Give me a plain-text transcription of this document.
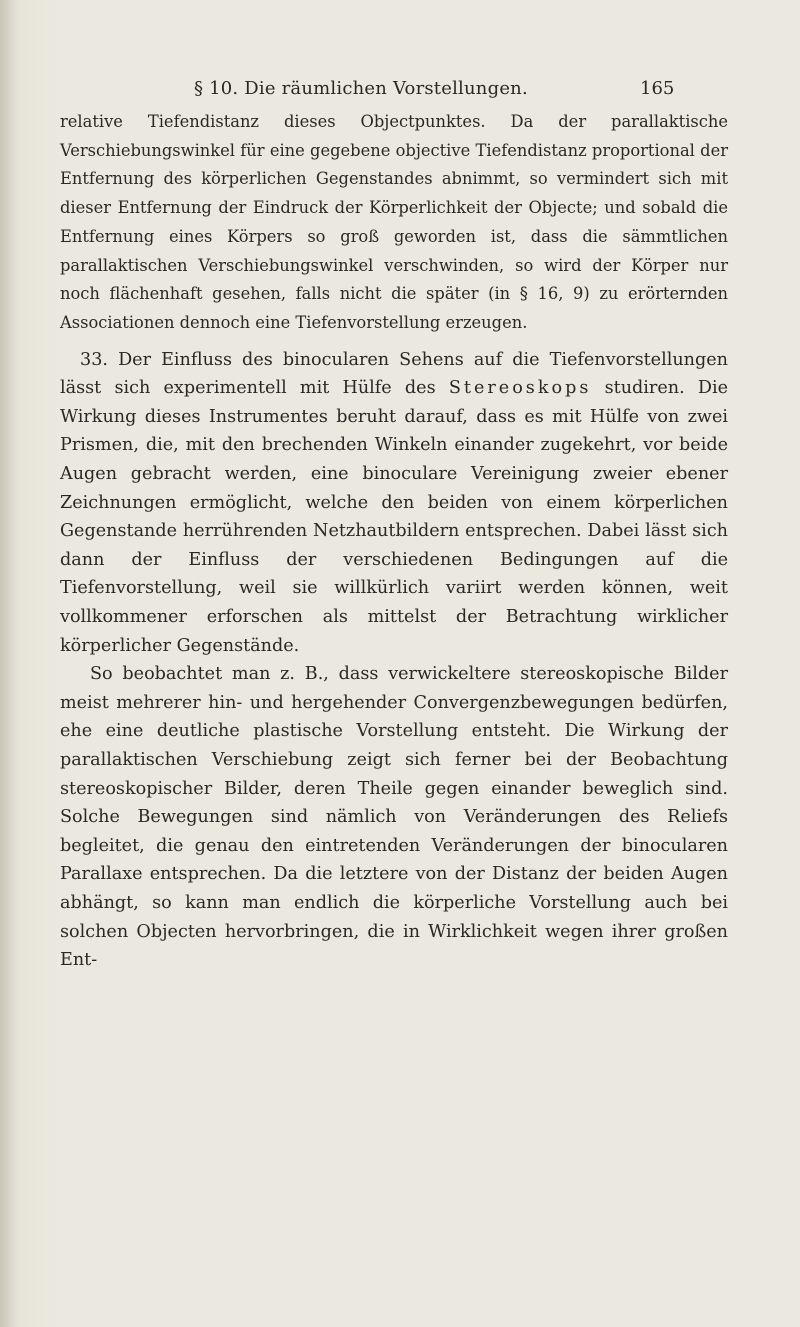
§ 10. Die räumlichen Vorstellungen.	165

relative Tiefendistanz dieses Objectpunktes. Da der parallaktische Verschiebungswinkel für eine gegebene objective Tiefendistanz proportional der Entfernung des körperlichen Gegenstandes abnimmt, so vermindert sich mit dieser Entfernung der Eindruck der Körperlichkeit der Objecte; und sobald die Entfernung eines Körpers so groß geworden ist, dass die sämmtlichen parallaktischen Verschiebungswinkel verschwinden, so wird der Körper nur noch flächenhaft gesehen, falls nicht die später (in § 16, 9) zu erörternden Associationen dennoch eine Tiefenvorstellung erzeugen.

33. Der Einfluss des binocularen Sehens auf die Tiefenvorstellungen lässt sich experimentell mit Hülfe des Stereoskops studiren. Die Wirkung dieses Instrumentes beruht darauf, dass es mit Hülfe von zwei Prismen, die, mit den brechenden Winkeln einander zugekehrt, vor beide Augen gebracht werden, eine binoculare Vereinigung zweier ebener Zeichnungen ermöglicht, welche den beiden von einem körperlichen Gegenstande herrührenden Netzhautbildern entsprechen. Dabei lässt sich dann der Einfluss der verschiedenen Bedingungen auf die Tiefenvorstellung, weil sie willkürlich variirt werden können, weit vollkommener erforschen als mittelst der Betrachtung wirklicher körperlicher Gegenstände.

So beobachtet man z. B., dass verwickeltere stereoskopische Bilder meist mehrerer hin- und hergehender Convergenzbewegungen bedürfen, ehe eine deutliche plastische Vorstellung entsteht. Die Wirkung der parallaktischen Verschiebung zeigt sich ferner bei der Beobachtung stereoskopischer Bilder, deren Theile gegen einander beweglich sind. Solche Bewegungen sind nämlich von Veränderungen des Reliefs begleitet, die genau den eintretenden Veränderungen der binocularen Parallaxe entsprechen. Da die letztere von der Distanz der beiden Augen abhängt, so kann man endlich die körperliche Vorstellung auch bei solchen Objecten hervorbringen, die in Wirklichkeit wegen ihrer großen Ent-
